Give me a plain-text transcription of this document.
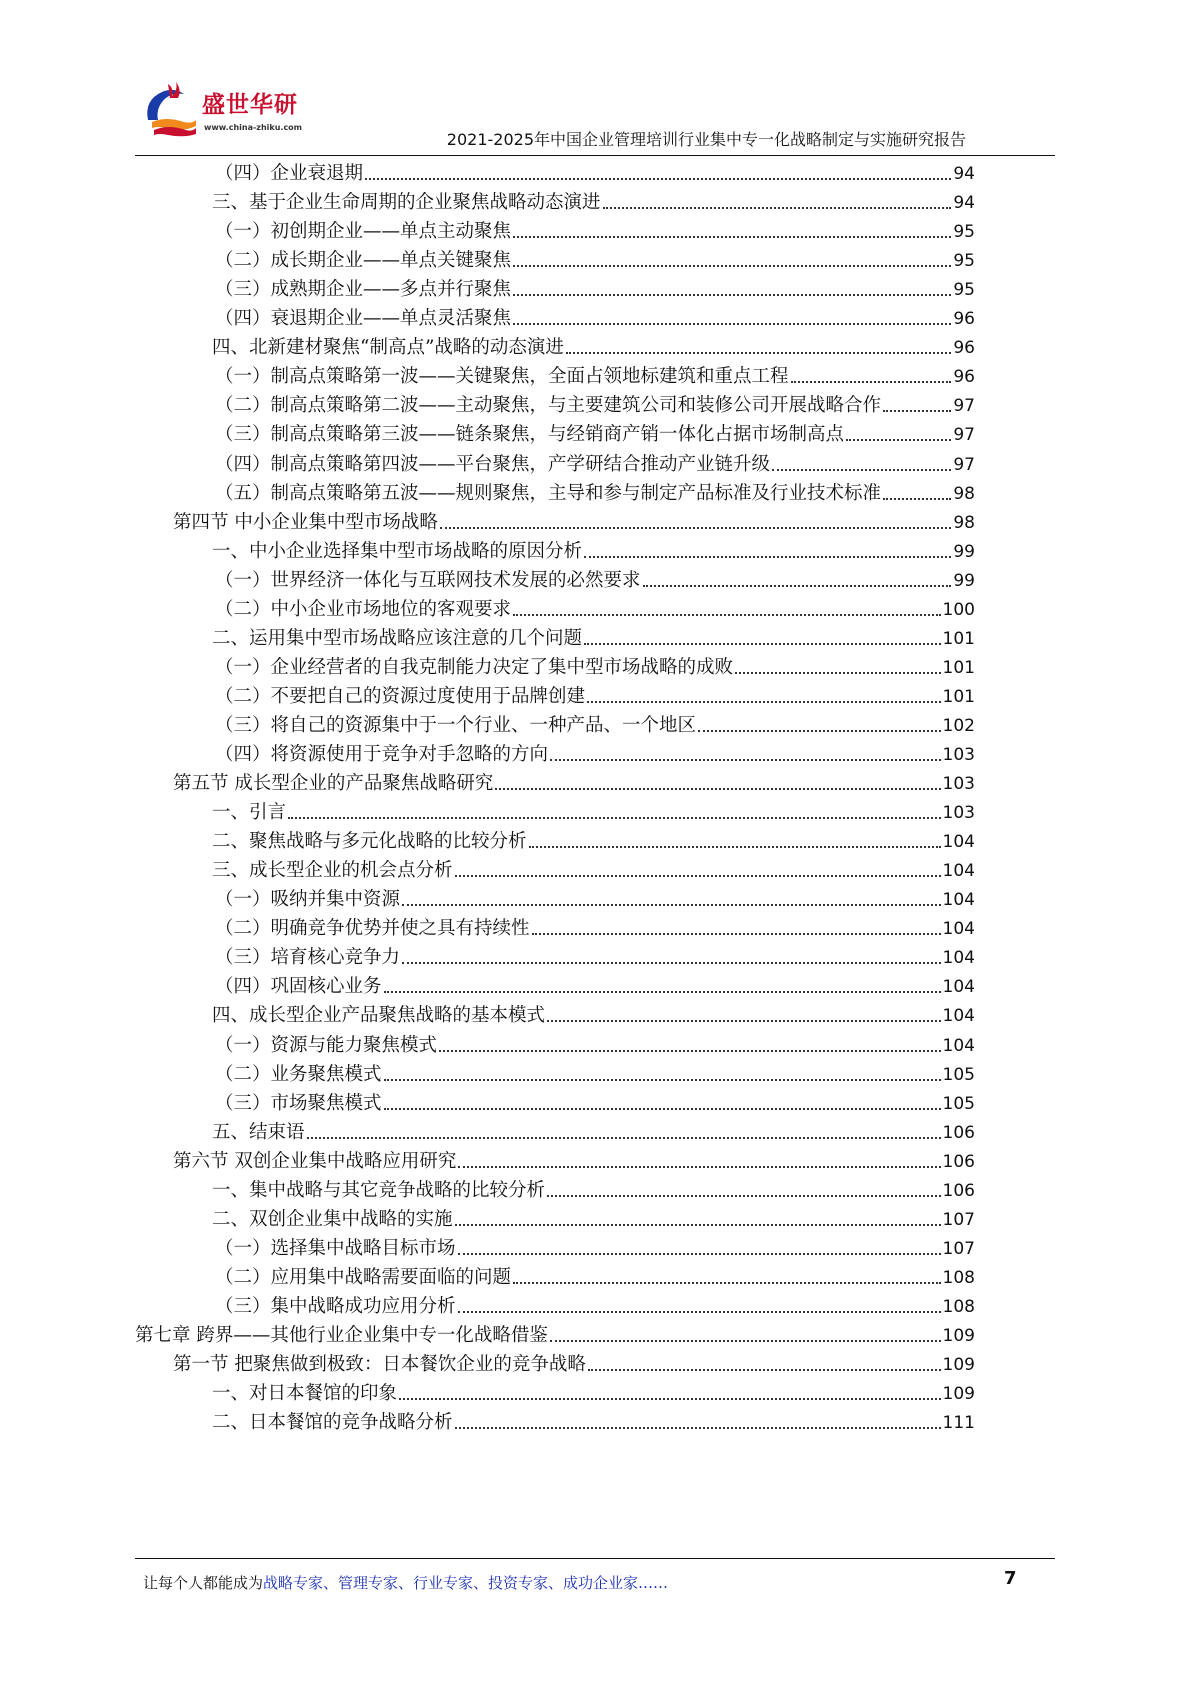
盛世华研
www.china-zhiku.com
2021-2025年中国企业管理培训行业集中专一化战略制定与实施研究报告
（四）企业衰退期	94
三、基于企业生命周期的企业聚焦战略动态演进	94
（一）初创期企业——单点主动聚焦	95
（二）成长期企业——单点关键聚焦	95
（三）成熟期企业——多点并行聚焦	95
（四）衰退期企业——单点灵活聚焦	96
四、北新建材聚焦“制高点”战略的动态演进	96
（一）制高点策略第一波——关键聚焦，全面占领地标建筑和重点工程	96
（二）制高点策略第二波——主动聚焦，与主要建筑公司和装修公司开展战略合作	97
（三）制高点策略第三波——链条聚焦，与经销商产销一体化占据市场制高点	97
（四）制高点策略第四波——平台聚焦，产学研结合推动产业链升级	97
（五）制高点策略第五波——规则聚焦，主导和参与制定产品标准及行业技术标准	98
第四节 中小企业集中型市场战略	98
一、中小企业选择集中型市场战略的原因分析	99
（一）世界经济一体化与互联网技术发展的必然要求	99
（二）中小企业市场地位的客观要求	100
二、运用集中型市场战略应该注意的几个问题	101
（一）企业经营者的自我克制能力决定了集中型市场战略的成败	101
（二）不要把自己的资源过度使用于品牌创建	101
（三）将自己的资源集中于一个行业、一种产品、一个地区	102
（四）将资源使用于竞争对手忽略的方向	103
第五节 成长型企业的产品聚焦战略研究	103
一、引言	103
二、聚焦战略与多元化战略的比较分析	104
三、成长型企业的机会点分析	104
（一）吸纳并集中资源	104
（二）明确竞争优势并使之具有持续性	104
（三）培育核心竞争力	104
（四）巩固核心业务	104
四、成长型企业产品聚焦战略的基本模式	104
（一）资源与能力聚焦模式	104
（二）业务聚焦模式	105
（三）市场聚焦模式	105
五、结束语	106
第六节 双创企业集中战略应用研究	106
一、集中战略与其它竞争战略的比较分析	106
二、双创企业集中战略的实施	107
（一）选择集中战略目标市场	107
（二）应用集中战略需要面临的问题	108
（三）集中战略成功应用分析	108
第七章 跨界——其他行业企业集中专一化战略借鉴	109
第一节 把聚焦做到极致：日本餐饮企业的竞争战略	109
一、对日本餐馆的印象	109
二、日本餐馆的竞争战略分析	111
让每个人都能成为战略专家、管理专家、行业专家、投资专家、成功企业家……	7
